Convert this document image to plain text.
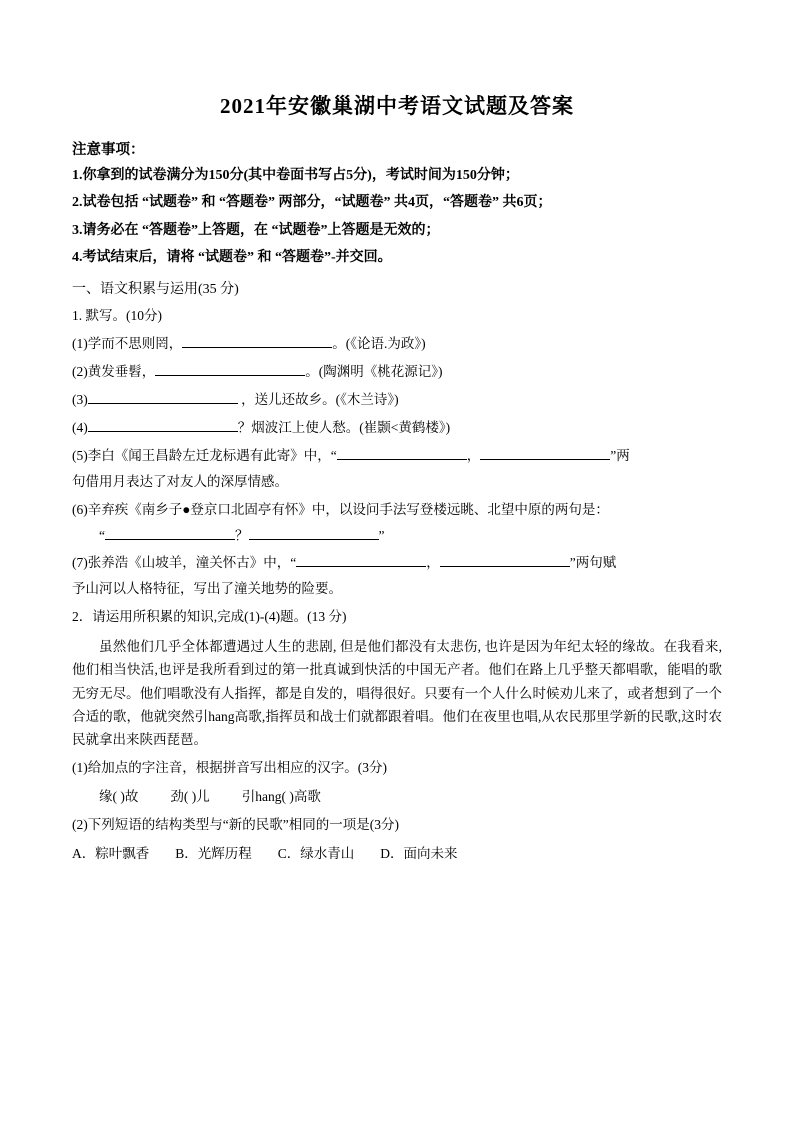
2021年安徽巢湖中考语文试题及答案
注意事项：
1.你拿到的试卷满分为150分(其中卷面书写占5分)，考试时间为150分钟；
2.试卷包括 “试题卷” 和 “答题卷” 两部分，“试题卷” 共4页，“答题卷” 共6页；
3.请务必在 “答题卷”上答题，在 “试题卷”上答题是无效的；
4.考试结束后，请将 “试题卷” 和 “答题卷”-并交回。
一、语文积累与运用(35 分)
1. 默写。(10分)
(1)学而不思则罔，	。(《论语.为政》)
(2)黄发垂髫，	。(陶渊明《桃花源记》)
(3)	，送儿还故乡。(《木兰诗》)
(4)	？烟波江上使人愁。(崔颢<黄鹤楼》)
(5)李白《闻王昌龄左迁龙标遇有此寄》中，“	，	”两
句借用月表达了对友人的深厚情感。
(6)辛弃疾《南乡子●登京口北固亭有怀》中，以设问手法写登楼远眺、北望中原的两句是：
“	？	”
(7)张养浩《山坡羊，潼关怀古》中，“	，	”两句赋
予山河以人格特征，写出了潼关地势的险要。
2．请运用所积累的知识,完成(1)-(4)题。(13 分)
虽然他们几乎全体都遭遇过人生的悲剧, 但是他们都没有太悲伤, 也许是因为年纪太轻的缘故。在我看来,他们相当快活,也评是我所看到过的第一批真诚到快活的中国无产者。他们在路上几乎整天都唱歌，能唱的歌无穷无尽。他们唱歌没有人指挥，都是自发的，唱得很好。只要有一个人什么时候劝儿来了，或者想到了一个合适的歌，他就突然引hang高歌,指挥员和战士们就都跟着唱。他们在夜里也唱,从农民那里学新的民歌,这时农民就拿出来陕西琵琶。
(1)给加点的字注音，根据拼音写出相应的汉字。(3分)
缘( )故 劲( )儿 引hang( )高歌
(2)下列短语的结构类型与“新的民歌”相同的一项是(3分)
A．粽叶飘香 B．光辉历程 C．绿水青山 D．面向未来
